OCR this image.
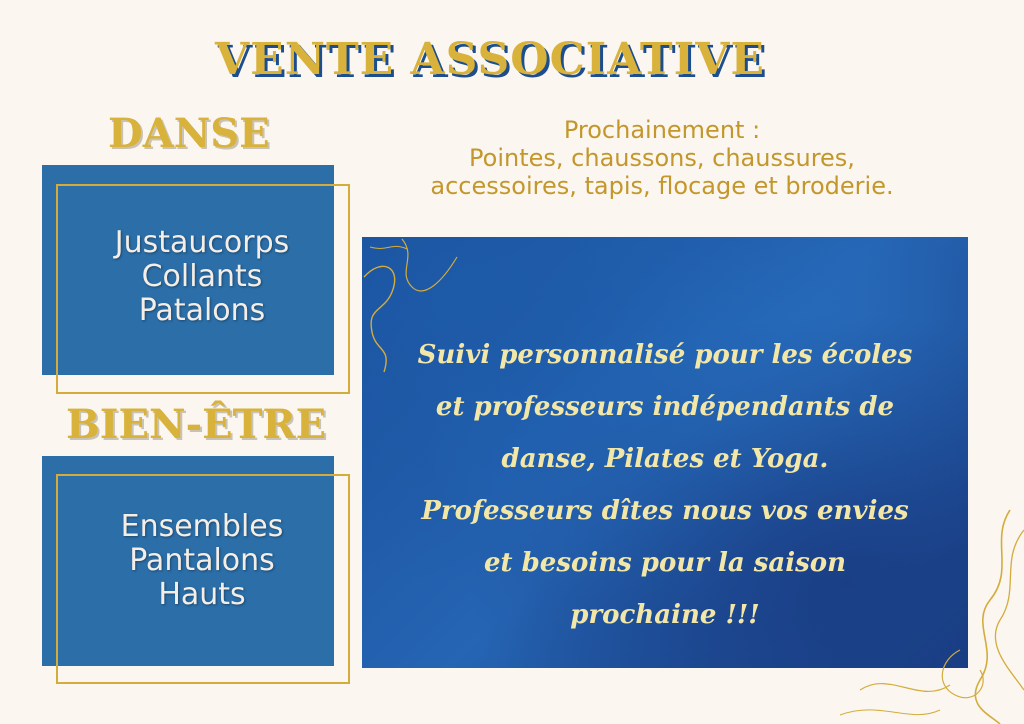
VENTE ASSOCIATIVE
DANSE
Justaucorps
Collants
Patalons
BIEN-ÊTRE
Ensembles
Pantalons
Hauts
Prochainement :
Pointes, chaussons, chaussures,
accessoires, tapis, flocage et broderie.
Suivi personnalisé pour les écoles
et professeurs indépendants de
danse, Pilates et Yoga.
Professeurs dîtes nous vos envies
et besoins pour la saison
prochaine !!!
